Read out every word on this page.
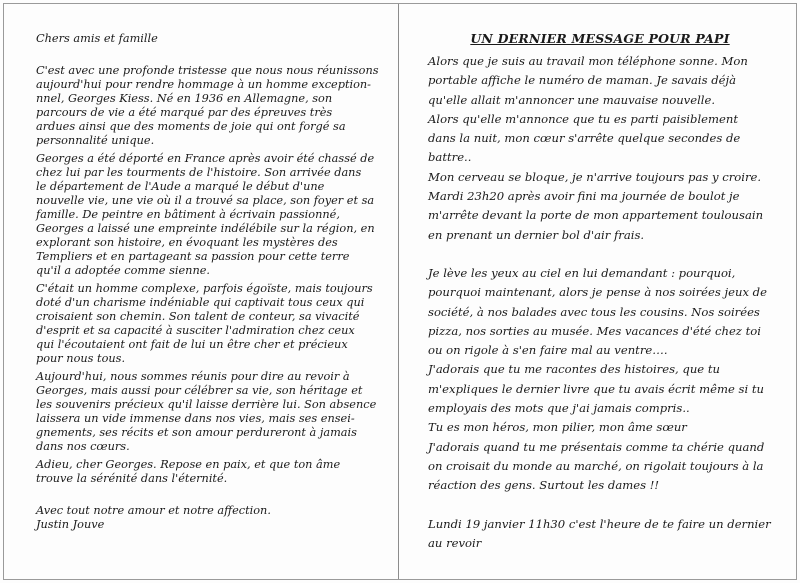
Chers amis et famille

C'est avec une profonde tristesse que nous nous réunissons
aujourd'hui pour rendre hommage à un homme exception-
nnel, Georges Kiess. Né en 1936 en Allemagne, son
parcours de vie a été marqué par des épreuves très
ardues ainsi que des moments de joie qui ont forgé sa
personnalité unique.

Georges a été déporté en France après avoir été chassé de
chez lui par les tourments de l'histoire. Son arrivée dans
le département de l'Aude a marqué le début d'une
nouvelle vie, une vie où il a trouvé sa place, son foyer et sa
famille. De peintre en bâtiment à écrivain passionné,
Georges a laissé une empreinte indélébile sur la région, en
explorant son histoire, en évoquant les mystères des
Templiers et en partageant sa passion pour cette terre
qu'il a adoptée comme sienne.

C'était un homme complexe, parfois égoïste, mais toujours
doté d'un charisme indéniable qui captivait tous ceux qui
croisaient son chemin. Son talent de conteur, sa vivacité
d'esprit et sa capacité à susciter l'admiration chez ceux
qui l'écoutaient ont fait de lui un être cher et précieux
pour nous tous.

Aujourd'hui, nous sommes réunis pour dire au revoir à
Georges, mais aussi pour célébrer sa vie, son héritage et
les souvenirs précieux qu'il laisse derrière lui. Son absence
laissera un vide immense dans nos vies, mais ses ensei-
gnements, ses récits et son amour perdureront à jamais
dans nos cœurs.

Adieu, cher Georges. Repose en paix, et que ton âme
trouve la sérénité dans l'éternité.

Avec tout notre amour et notre affection.

Justin Jouve

UN DERNIER MESSAGE POUR PAPI

Alors que je suis au travail mon téléphone sonne. Mon
portable affiche le numéro de maman. Je savais déjà
qu'elle allait m'annoncer une mauvaise nouvelle.
Alors qu'elle m'annonce que tu es parti paisiblement
dans la nuit, mon cœur s'arrête quelque secondes de
battre..
Mon cerveau se bloque, je n'arrive toujours pas y croire.
Mardi 23h20 après avoir fini ma journée de boulot je
m'arrête devant la porte de mon appartement toulousain
en prenant un dernier bol d'air frais.

Je lève les yeux au ciel en lui demandant : pourquoi,
pourquoi maintenant, alors je pense à nos soirées jeux de
société, à nos balades avec tous les cousins. Nos soirées
pizza, nos sorties au musée. Mes vacances d'été chez toi
ou on rigole à s'en faire mal au ventre….
J'adorais que tu me racontes des histoires, que tu
m'expliques le dernier livre que tu avais écrit même si tu
employais des mots que j'ai jamais compris..
Tu es mon héros, mon pilier, mon âme sœur
J'adorais quand tu me présentais comme ta chérie quand
on croisait du monde au marché, on rigolait toujours à la
réaction des gens. Surtout les dames !!

Lundi 19 janvier 11h30 c'est l'heure de te faire un dernier
au revoir
